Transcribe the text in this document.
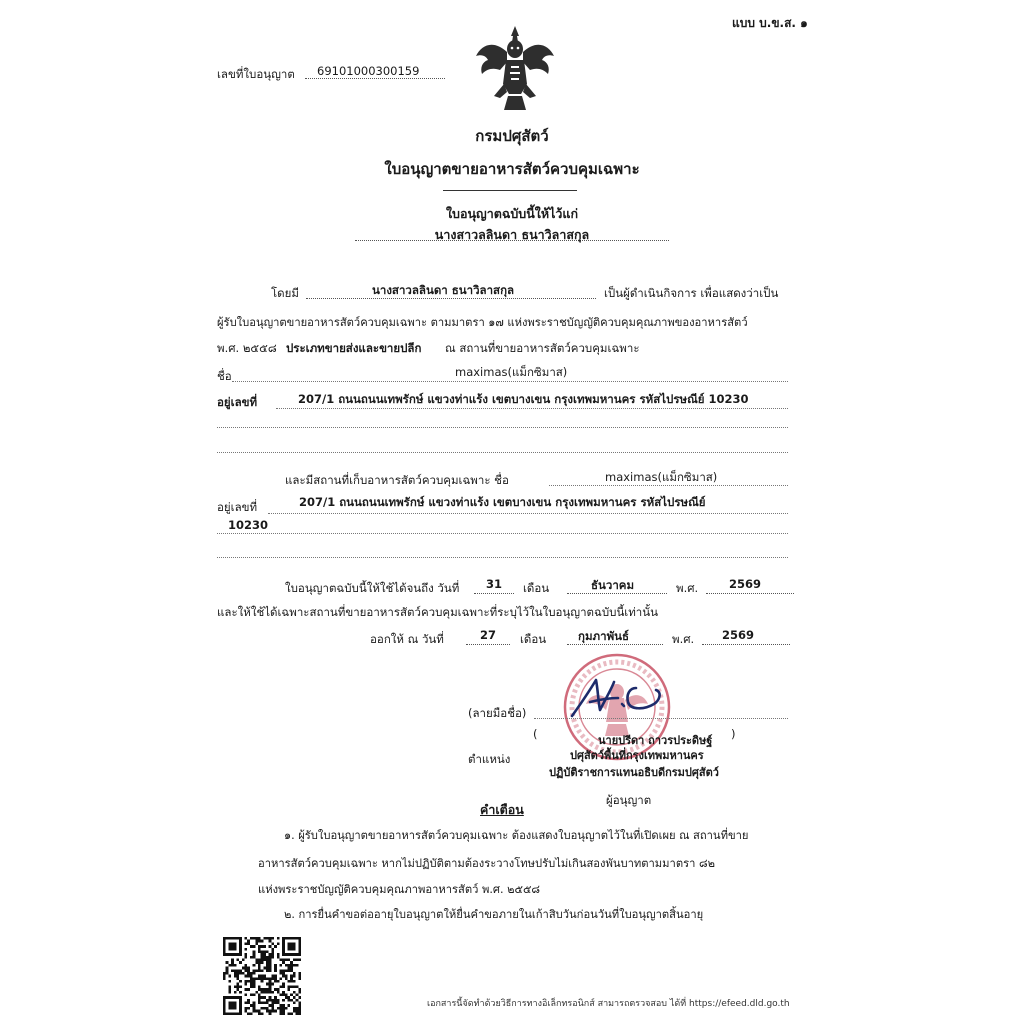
แบบ บ.ข.ส. ๑
เลขที่ใบอนุญาต	69101000300159
กรมปศุสัตว์
ใบอนุญาตขายอาหารสัตว์ควบคุมเฉพาะ
ใบอนุญาตฉบับนี้ให้ไว้แก่
นางสาวลลินดา ธนาวิลาสกุล
โดยมี	นางสาวลลินดา ธนาวิลาสกุล	เป็นผู้ดำเนินกิจการ เพื่อแสดงว่าเป็น
ผู้รับใบอนุญาตขายอาหารสัตว์ควบคุมเฉพาะ ตามมาตรา ๑๗ แห่งพระราชบัญญัติควบคุมคุณภาพของอาหารสัตว์
พ.ศ. ๒๕๕๘ ประเภทขายส่งและขายปลีก ณ สถานที่ขายอาหารสัตว์ควบคุมเฉพาะ
ชื่อ	maximas(แม็กซิมาส)
อยู่เลขที่	207/1 ถนนถนนเทพรักษ์ แขวงท่าแร้ง เขตบางเขน กรุงเทพมหานคร รหัสไปรษณีย์ 10230
และมีสถานที่เก็บอาหารสัตว์ควบคุมเฉพาะ ชื่อ	maximas(แม็กซิมาส)
อยู่เลขที่	207/1 ถนนถนนเทพรักษ์ แขวงท่าแร้ง เขตบางเขน กรุงเทพมหานคร รหัสไปรษณีย์
10230
ใบอนุญาตฉบับนี้ให้ใช้ได้จนถึง วันที่ 31 เดือน	ธันวาคม	พ.ศ.	2569
และให้ใช้ได้เฉพาะสถานที่ขายอาหารสัตว์ควบคุมเฉพาะที่ระบุไว้ในใบอนุญาตฉบับนี้เท่านั้น
ออกให้ ณ วันที่	27 เดือน	กุมภาพันธ์	พ.ศ. 2569
(ลายมือชื่อ)
(	นายปรีดา ถาวรประดิษฐ์ )
ตำแหน่ง	ปศุสัตว์พื้นที่กรุงเทพมหานคร
ปฏิบัติราชการแทนอธิบดีกรมปศุสัตว์
ผู้อนุญาต
คำเตือน
๑. ผู้รับใบอนุญาตขายอาหารสัตว์ควบคุมเฉพาะ ต้องแสดงใบอนุญาตไว้ในที่เปิดเผย ณ สถานที่ขาย
อาหารสัตว์ควบคุมเฉพาะ หากไม่ปฏิบัติตามต้องระวางโทษปรับไม่เกินสองพันบาทตามมาตรา ๘๒
แห่งพระราชบัญญัติควบคุมคุณภาพอาหารสัตว์ พ.ศ. ๒๕๕๘
๒. การยื่นคำขอต่ออายุใบอนุญาตให้ยื่นคำขอภายในเก้าสิบวันก่อนวันที่ใบอนุญาตสิ้นอายุ
เอกสารนี้จัดทำด้วยวิธีการทางอิเล็กทรอนิกส์ สามารถตรวจสอบ ได้ที่ https://efeed.dld.go.th
